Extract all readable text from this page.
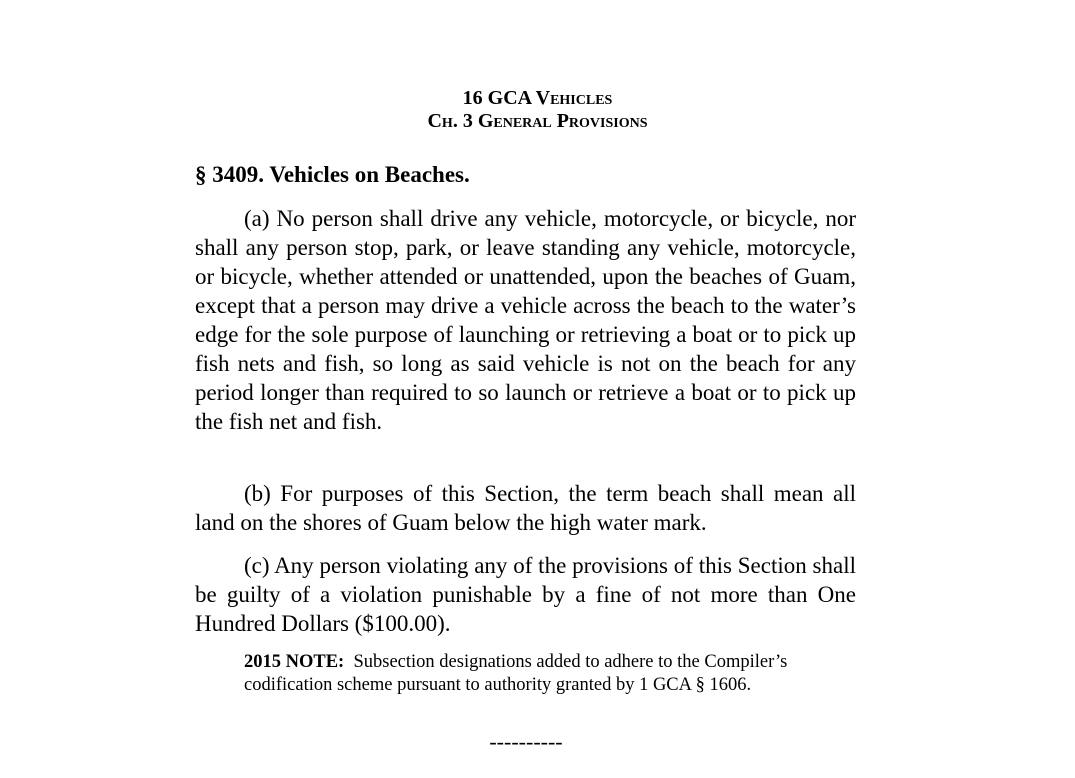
16 GCA Vehicles
Ch. 3 General Provisions
§ 3409. Vehicles on Beaches.

(a) No person shall drive any vehicle, motorcycle, or bicycle, nor shall any person stop, park, or leave standing any vehicle, motorcycle, or bicycle, whether attended or unattended, upon the beaches of Guam, except that a person may drive a vehicle across the beach to the water’s edge for the sole purpose of launching or retrieving a boat or to pick up fish nets and fish, so long as said vehicle is not on the beach for any period longer than required to so launch or retrieve a boat or to pick up the fish net and fish.

(b) For purposes of this Section, the term beach shall mean all land on the shores of Guam below the high water mark.

(c) Any person violating any of the provisions of this Section shall be guilty of a violation punishable by a fine of not more than One Hundred Dollars ($100.00).

2015 NOTE: Subsection designations added to adhere to the Compiler’s codification scheme pursuant to authority granted by 1 GCA § 1606.

----------
